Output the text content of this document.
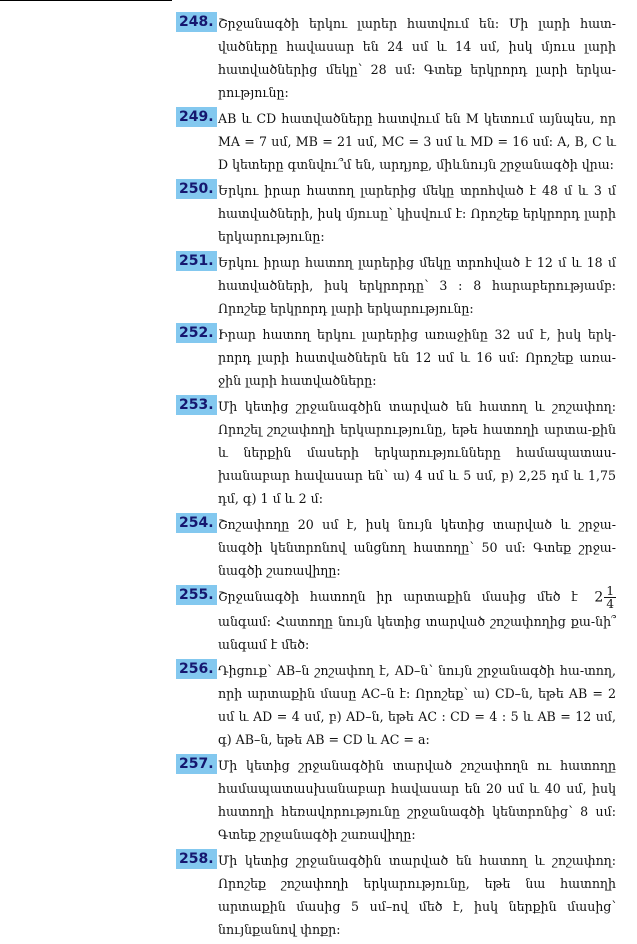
248. Շրջանագծի երկու լարեր հատվում են: Մի լարի հատ-վածները հավասար են 24 սմ և 14 սմ, իսկ մյուս լարի հատվածներից մեկը՝ 28 սմ: Գտեք երկրորդ լարի երկա-րությունը:
249. AB և CD հատվածները հատվում են M կետում այնպես, որ MA = 7 սմ, MB = 21 սմ, MC = 3 սմ և MD = 16 սմ: A, B, C և D կետերը գտնվու՞մ են, արդյոք, միևնույն շրջանագծի վրա:
250. Երկու իրար հատող լարերից մեկը տրոհված է 48 մ և 3 մ հատվածների, իսկ մյուսը՝ կիսվում է: Որոշեք երկրորդ լարի երկարությունը:
251. Երկու իրար հատող լարերից մեկը տրոհված է 12 մ և 18 մ հատվածների, իսկ երկրորդը՝ 3 : 8 հարաբերությամբ: Որոշեք երկրորդ լարի երկարությունը:
252. Իրար հատող երկու լարերից առաջինը 32 սմ է, իսկ երկ-րորդ լարի հատվածներն են 12 սմ և 16 սմ: Որոշեք առա-ջին լարի հատվածները:
253. Մի կետից շրջանագծին տարված են հատող և շոշափող: Որոշել շոշափողի երկարությունը, եթե հատողի արտա-քին և ներքին մասերի երկարությունները համապատաս-խանաբար հավասար են՝ ա) 4 սմ և 5 սմ, բ) 2,25 դմ և 1,75 դմ, գ) 1 մ և 2 մ:
254. Շոշափողը 20 սմ է, իսկ նույն կետից տարված և շրջա-նագծի կենտրոնով անցնող հատողը՝ 50 սմ: Գտեք շրջա-նագծի շառավիղը:
255. Շրջանագծի հատողն իր արտաքին մասից մեծ է $2 \frac{1}{4}$
անգամ: Հատողը նույն կետից տարված շոշափողից քա-նի՞ անգամ է մեծ:
256. Դիցուք՝ AB–ն շոշափող է, AD–ն՝ նույն շրջանագծի հա-տող, որի արտաքին մասը AC–ն է: Որոշեք՝ ա) CD–ն, եթե AB = 2 սմ և AD = 4 սմ, բ) AD–ն, եթե AC : CD = 4 : 5 և AB = 12 սմ, գ) AB–ն, եթե AB = CD և AC = a:
257. Մի կետից շրջանագծին տարված շոշափողն ու հատողը համապատասխանաբար հավասար են 20 սմ և 40 սմ, իսկ հատողի հեռավորությունը շրջանագծի կենտրոնից՝ 8 սմ: Գտեք շրջանագծի շառավիղը:
258. Մի կետից շրջանագծին տարված են հատող և շոշափող: Որոշեք շոշափողի երկարությունը, եթե նա հատողի արտաքին մասից 5 սմ–ով մեծ է, իսկ ներքին մասից՝ նույնքանով փոքր:
